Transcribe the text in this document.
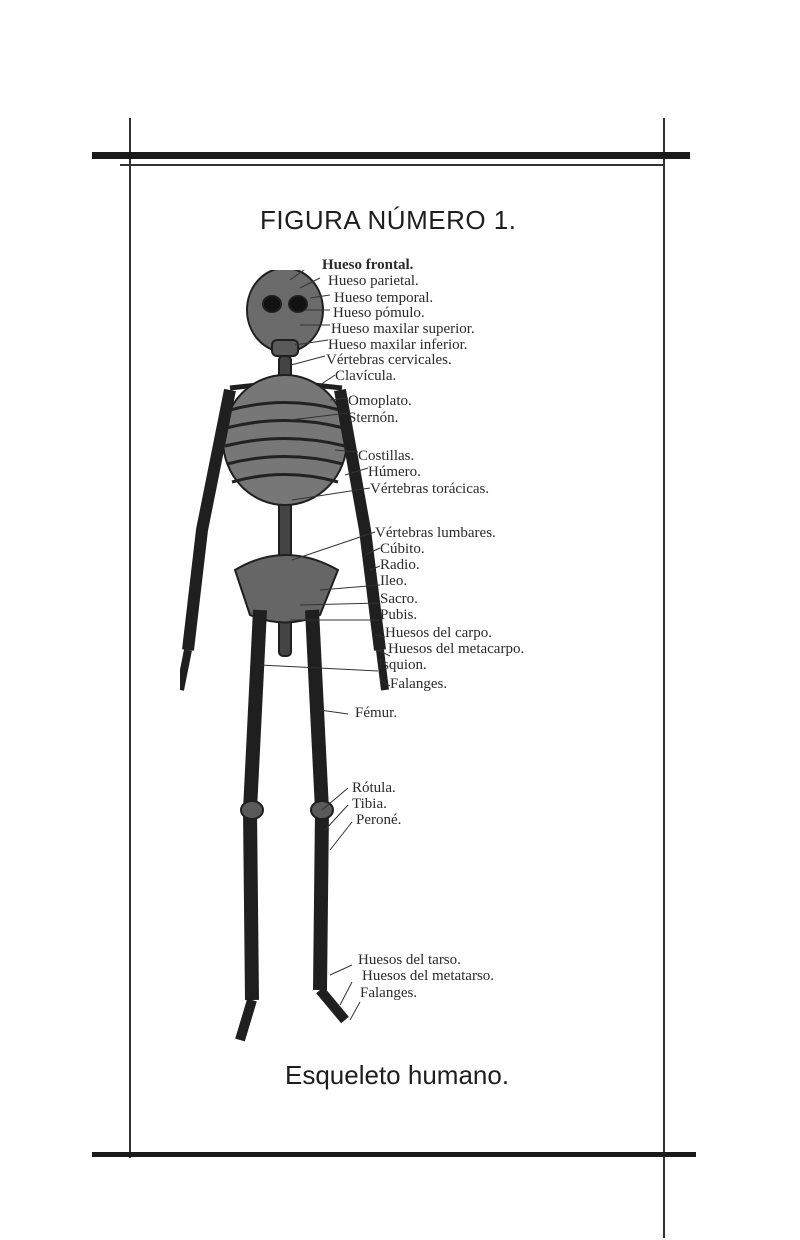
FIGURA NÚMERO 1.
Hueso frontal.
Hueso parietal.
Hueso temporal.
Hueso pómulo.
Hueso maxilar superior.
Hueso maxilar inferior.
Vértebras cervicales.
Clavícula.
Omoplato.
Sternón.
Costillas.
Húmero.
Vértebras torácicas.
Vértebras lumbares.
Cúbito.
Radio.
Ileo.
Sacro.
Pubis.
Huesos del carpo.
Huesos del metacarpo.
Isquion.
Falanges.
Fémur.
Rótula.
Tibia.
Peroné.
Huesos del tarso.
Huesos del metatarso.
Falanges.
Esqueleto humano.
